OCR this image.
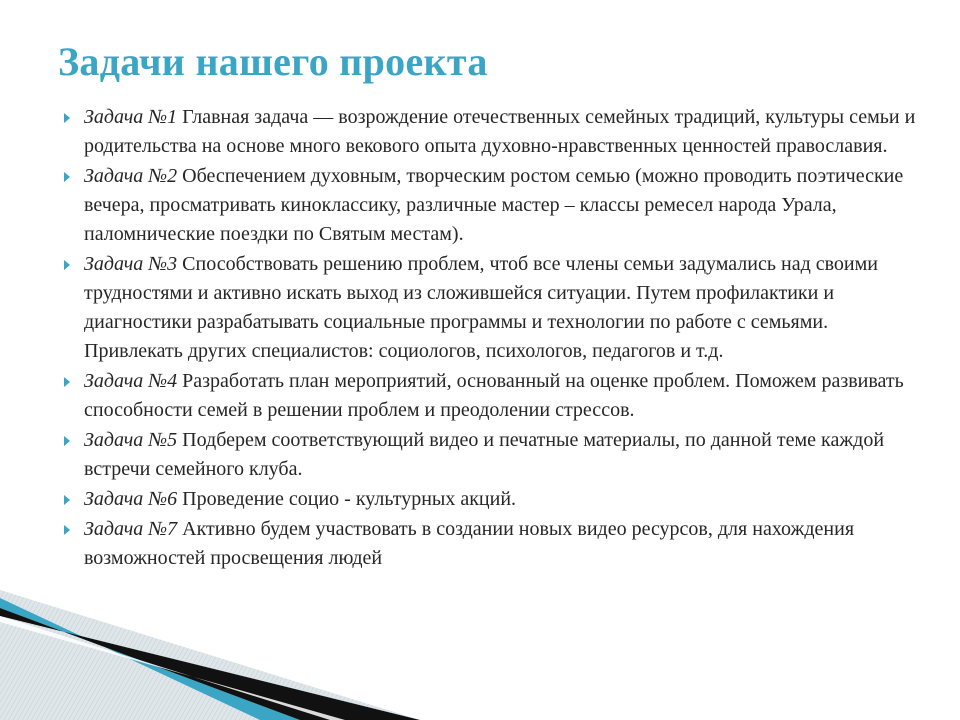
Задачи нашего проекта
Задача №1 Главная задача — возрождение отечественных семейных традиций, культуры семьи и родительства на основе много векового опыта духовно-нравственных ценностей православия.
Задача №2 Обеспечением духовным, творческим ростом семью (можно проводить поэтические вечера, просматривать киноклассику, различные мастер – классы ремесел народа Урала, паломнические поездки по Святым местам).
Задача №3 Способствовать решению проблем, чтоб все члены семьи задумались над своими трудностями и активно искать выход из сложившейся ситуации. Путем профилактики и диагностики разрабатывать социальные программы и технологии по работе с семьями. Привлекать других специалистов: социологов, психологов, педагогов и т.д.
Задача №4 Разработать план мероприятий, основанный на оценке проблем. Поможем развивать способности семей в решении проблем и преодолении стрессов.
Задача №5 Подберем соответствующий видео и печатные материалы, по данной теме каждой встречи семейного клуба.
Задача №6 Проведение социо - культурных акций.
Задача №7 Активно будем участвовать в создании новых видео ресурсов, для нахождения возможностей просвещения людей
